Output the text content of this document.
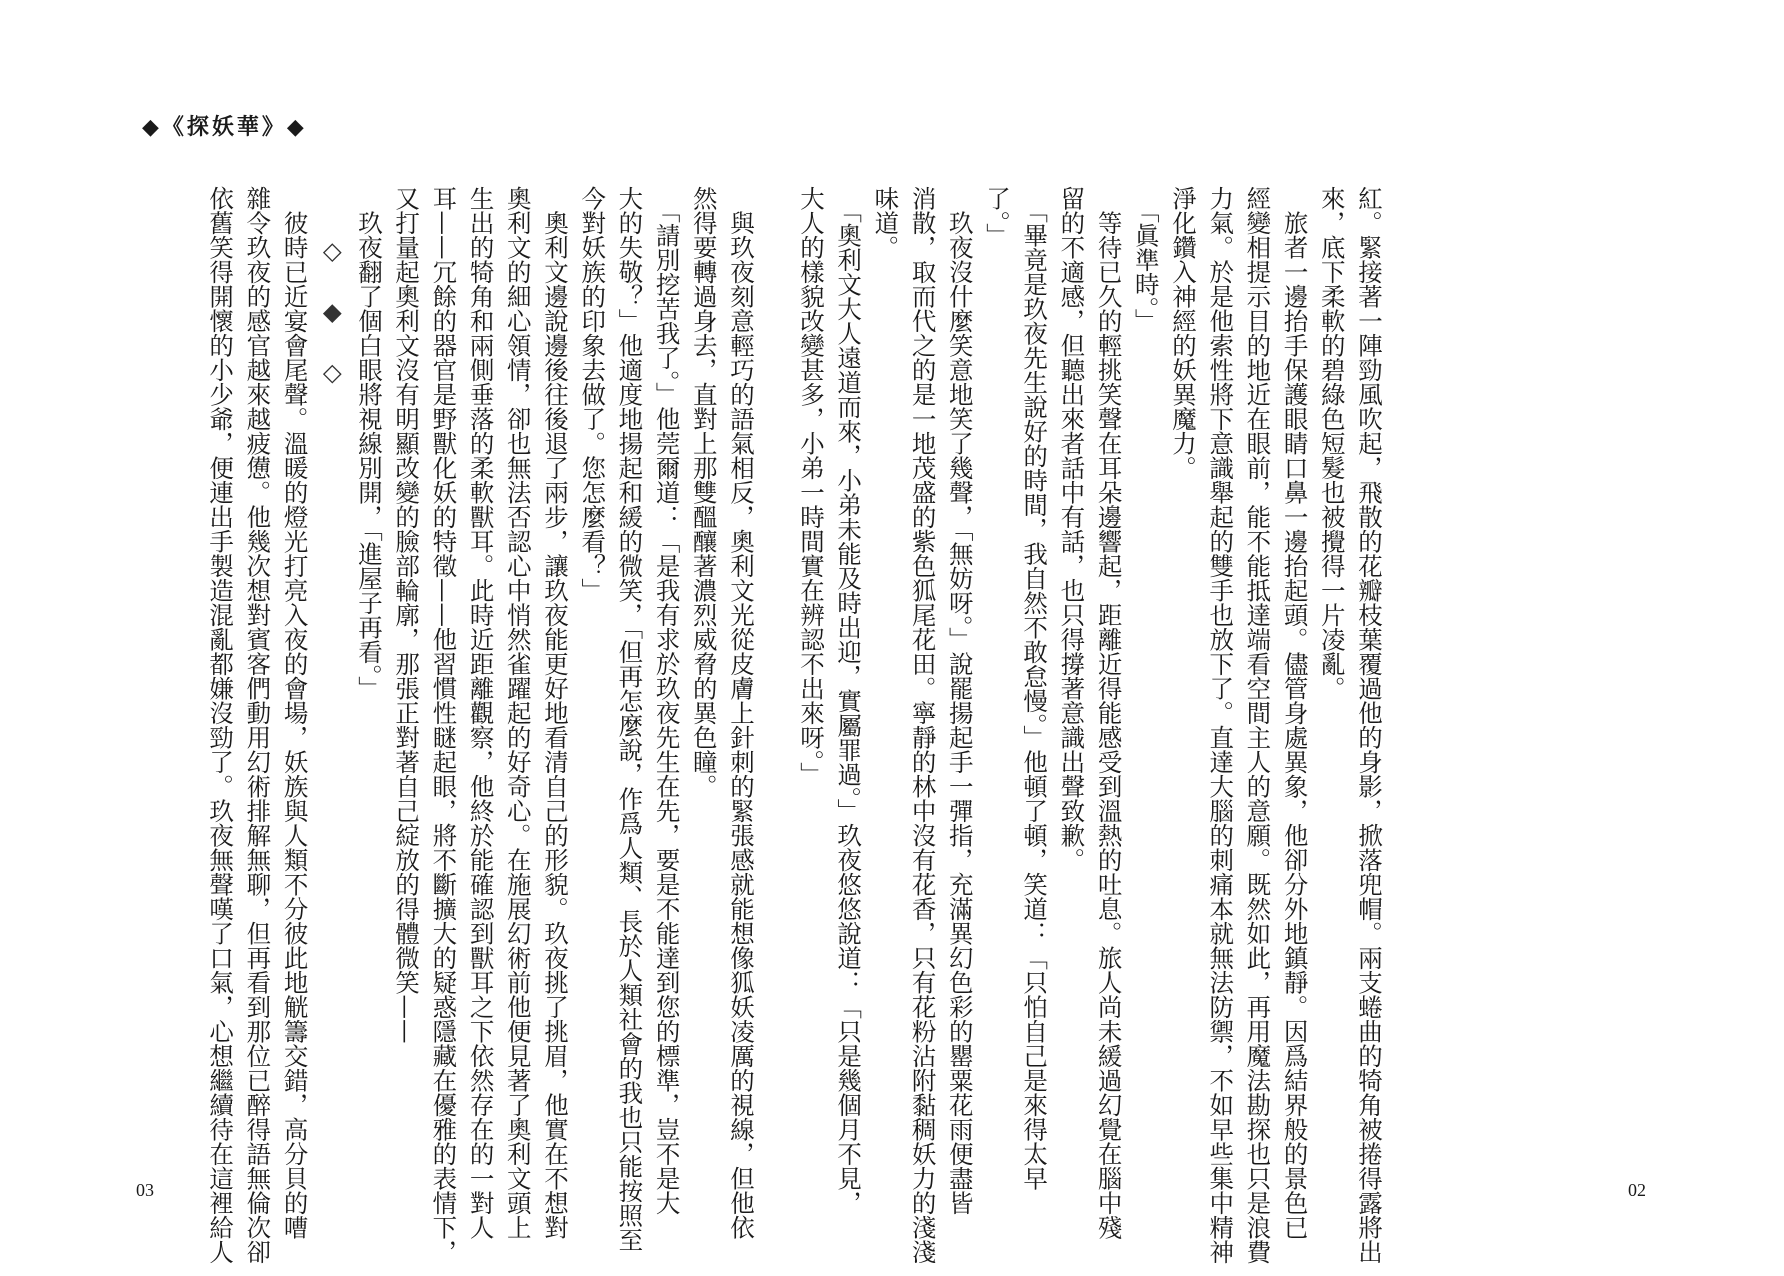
◆《探妖華》◆
紅。緊接著一陣勁風吹起，飛散的花瓣枝葉覆過他的身影，掀落兜帽。兩支蜷曲的犄角被捲得露將出
來，底下柔軟的碧綠色短髮也被攪得一片凌亂。
　旅者一邊抬手保護眼睛口鼻一邊抬起頭。儘管身處異象，他卻分外地鎮靜。因爲結界般的景色已
經變相提示目的地近在眼前，能不能抵達端看空間主人的意願。既然如此，再用魔法勘探也只是浪費
力氣。於是他索性將下意識舉起的雙手也放下了。直達大腦的刺痛本就無法防禦，不如早些集中精神
淨化鑽入神經的妖異魔力。
　「眞準時。」
　等待已久的輕挑笑聲在耳朵邊響起，距離近得能感受到溫熱的吐息。旅人尚未緩過幻覺在腦中殘
留的不適感，但聽出來者話中有話，也只得撐著意識出聲致歉。
　「畢竟是玖夜先生說好的時間，我自然不敢怠慢。」他頓了頓，笑道：「只怕自己是來得太早
了。」
　玖夜沒什麼笑意地笑了幾聲，「無妨呀。」說罷揚起手一彈指，充滿異幻色彩的罌粟花雨便盡皆
消散，取而代之的是一地茂盛的紫色狐尾花田。寧靜的林中沒有花香，只有花粉沾附黏稠妖力的淺淺
味道。
　「奧利文大人遠道而來，小弟未能及時出迎，實屬罪過。」玖夜悠悠說道：「只是幾個月不見，
大人的樣貌改變甚多，小弟一時間實在辨認不出來呀。」
　與玖夜刻意輕巧的語氣相反，奧利文光從皮膚上針刺的緊張感就能想像狐妖凌厲的視線，但他依
然得要轉過身去，直對上那雙醞釀著濃烈威脅的異色瞳。
　「請別挖苦我了。」他莞爾道：「是我有求於玖夜先生在先，要是不能達到您的標準，豈不是大
大的失敬？」他適度地揚起和緩的微笑，「但再怎麼說，作爲人類、長於人類社會的我也只能按照至
今對妖族的印象去做了。您怎麼看？」
　奧利文邊說邊後往後退了兩步，讓玖夜能更好地看清自己的形貌。玖夜挑了挑眉，他實在不想對
奧利文的細心領情，卻也無法否認心中悄然雀躍起的好奇心。在施展幻術前他便見著了奧利文頭上
生出的犄角和兩側垂落的柔軟獸耳。此時近距離觀察，他終於能確認到獸耳之下依然存在的一對人
耳——冗餘的器官是野獸化妖的特徵——他習慣性瞇起眼，將不斷擴大的疑惑隱藏在優雅的表情下，
又打量起奧利文沒有明顯改變的臉部輪廓，那張正對著自己綻放的得體微笑——
　玖夜翻了個白眼將視線別開，「進屋子再看。」
◇ ◆ ◇
　彼時已近宴會尾聲。溫暖的燈光打亮入夜的會場，妖族與人類不分彼此地觥籌交錯，高分貝的嘈
雜令玖夜的感官越來越疲憊。他幾次想對賓客們動用幻術排解無聊，但再看到那位已醉得語無倫次卻
依舊笑得開懷的小少爺，便連出手製造混亂都嫌沒勁了。玖夜無聲嘆了口氣，心想繼續待在這裡給人
03	02
